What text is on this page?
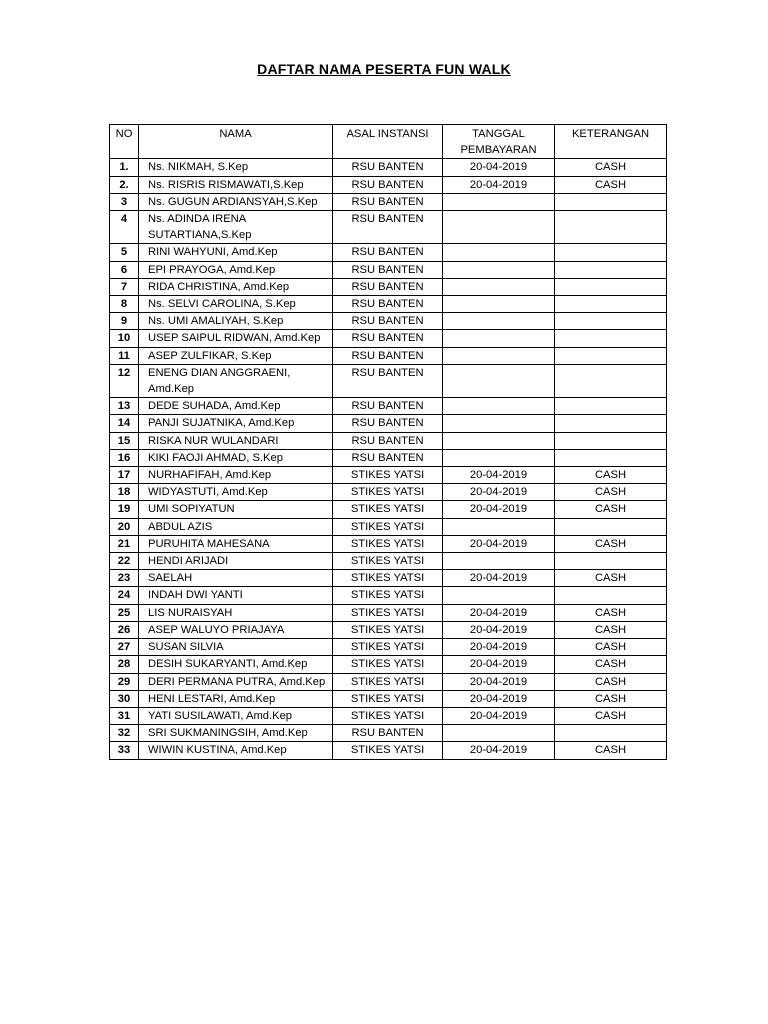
DAFTAR NAMA PESERTA FUN WALK
NO	NAMA	ASAL INSTANSI	TANGGAL PEMBAYARAN	KETERANGAN
1.	Ns. NIKMAH, S.Kep	RSU BANTEN	20-04-2019	CASH
2.	Ns. RISRIS RISMAWATI,S.Kep	RSU BANTEN	20-04-2019	CASH
3	Ns. GUGUN ARDIANSYAH,S.Kep	RSU BANTEN		
4	Ns. ADINDA IRENA SUTARTIANA,S.Kep	RSU BANTEN		
5	RINI WAHYUNI, Amd.Kep	RSU BANTEN		
6	EPI PRAYOGA, Amd.Kep	RSU BANTEN		
7	RIDA CHRISTINA, Amd.Kep	RSU BANTEN		
8	Ns. SELVI CAROLINA, S.Kep	RSU BANTEN		
9	Ns. UMI AMALIYAH, S.Kep	RSU BANTEN		
10	USEP SAIPUL RIDWAN, Amd.Kep	RSU BANTEN		
11	ASEP ZULFIKAR, S.Kep	RSU BANTEN		
12	ENENG DIAN ANGGRAENI, Amd.Kep	RSU BANTEN		
13	DEDE SUHADA, Amd.Kep	RSU BANTEN		
14	PANJI SUJATNIKA, Amd.Kep	RSU BANTEN		
15	RISKA NUR WULANDARI	RSU BANTEN		
16	KIKI FAOJI AHMAD, S.Kep	RSU BANTEN		
17	NURHAFIFAH, Amd.Kep	STIKES YATSI	20-04-2019	CASH
18	WIDYASTUTI, Amd.Kep	STIKES YATSI	20-04-2019	CASH
19	UMI SOPIYATUN	STIKES YATSI	20-04-2019	CASH
20	ABDUL AZIS	STIKES YATSI		
21	PURUHITA MAHESANA	STIKES YATSI	20-04-2019	CASH
22	HENDI ARIJADI	STIKES YATSI		
23	SAELAH	STIKES YATSI	20-04-2019	CASH
24	INDAH DWI YANTI	STIKES YATSI		
25	LIS NURAISYAH	STIKES YATSI	20-04-2019	CASH
26	ASEP WALUYO PRIAJAYA	STIKES YATSI	20-04-2019	CASH
27	SUSAN SILVIA	STIKES YATSI	20-04-2019	CASH
28	DESIH SUKARYANTI, Amd.Kep	STIKES YATSI	20-04-2019	CASH
29	DERI PERMANA PUTRA, Amd.Kep	STIKES YATSI	20-04-2019	CASH
30	HENI LESTARI, Amd.Kep	STIKES YATSI	20-04-2019	CASH
31	YATI SUSILAWATI, Amd.Kep	STIKES YATSI	20-04-2019	CASH
32	SRI SUKMANINGSIH, Amd.Kep	RSU BANTEN		
33	WIWIN KUSTINA, Amd.Kep	STIKES YATSI	20-04-2019	CASH
